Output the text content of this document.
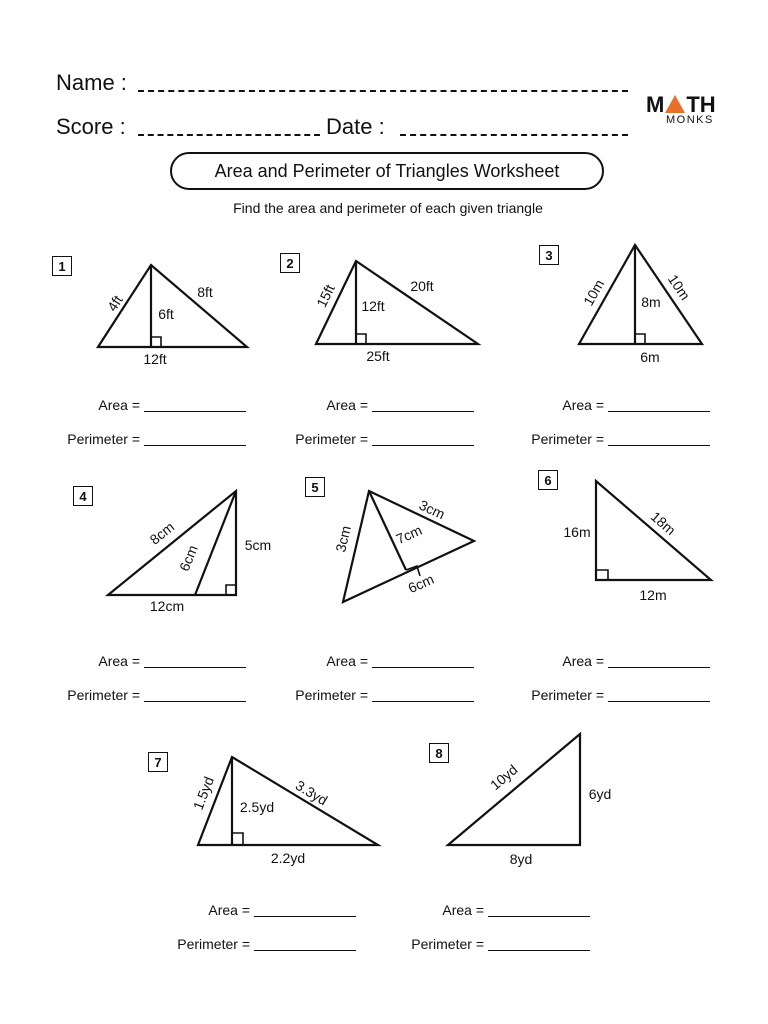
Name :
Score :	Date :
M TH
MONKS
Area and Perimeter of Triangles Worksheet
Find the area and perimeter of each given triangle
1	2
3
4
5	6
7
8
4ft
8ft
6ft
12ft
15ft	20ft
12ft
25ft
10m	10m
8m
6m
8cm
6cm	5cm
12cm
3cm
3cm
7cm
6cm
16m	18m
12m
1.5yd	3.3yd
2.5yd
2.2yd
10yd
6yd
8yd
Area =
Perimeter =
Area =
Perimeter =
Area =
Perimeter =
Area =
Perimeter =
Area =
Perimeter =
Area =
Perimeter =
Area =
Perimeter =
Area =
Perimeter =
